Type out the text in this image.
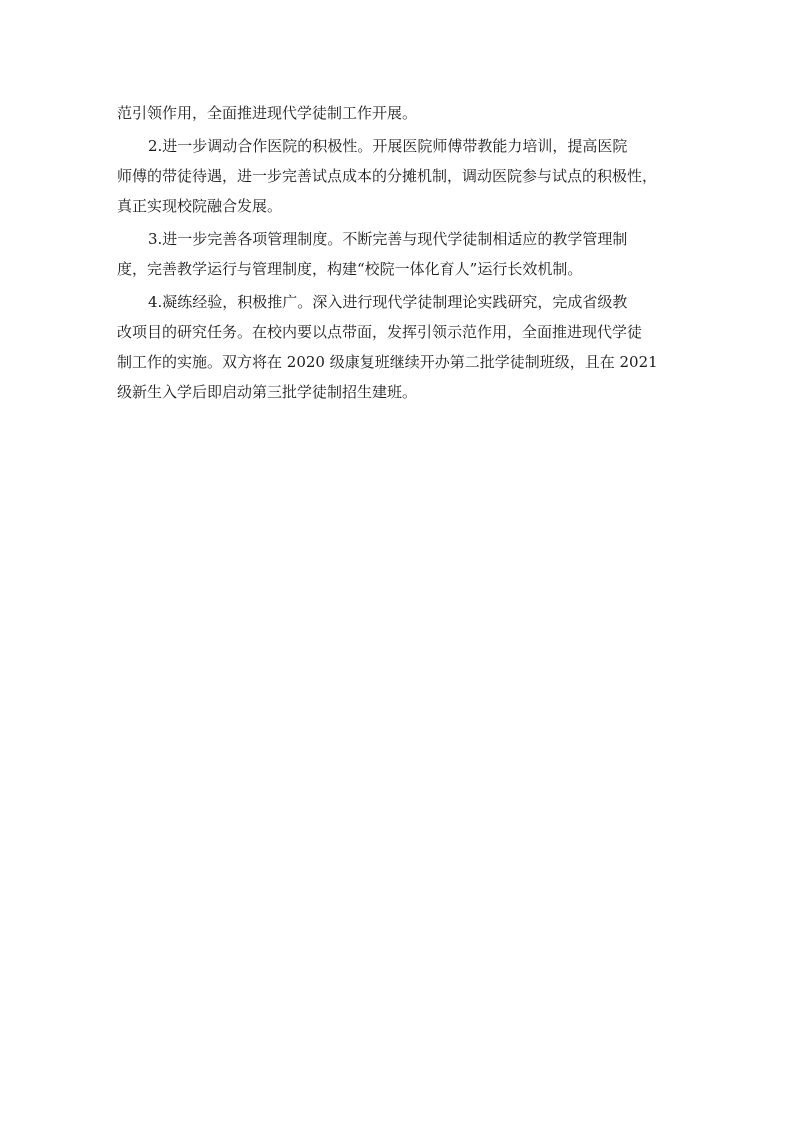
范引领作用，全面推进现代学徒制工作开展。
2.进一步调动合作医院的积极性。开展医院师傅带教能力培训，提高医院
师傅的带徒待遇，进一步完善试点成本的分摊机制，调动医院参与试点的积极性，
真正实现校院融合发展。
3.进一步完善各项管理制度。不断完善与现代学徒制相适应的教学管理制
度，完善教学运行与管理制度，构建“校院一体化育人”运行长效机制。
4.凝练经验，积极推广。深入进行现代学徒制理论实践研究，完成省级教
改项目的研究任务。在校内要以点带面，发挥引领示范作用，全面推进现代学徒
制工作的实施。双方将在 2020 级康复班继续开办第二批学徒制班级，且在 2021
级新生入学后即启动第三批学徒制招生建班。
